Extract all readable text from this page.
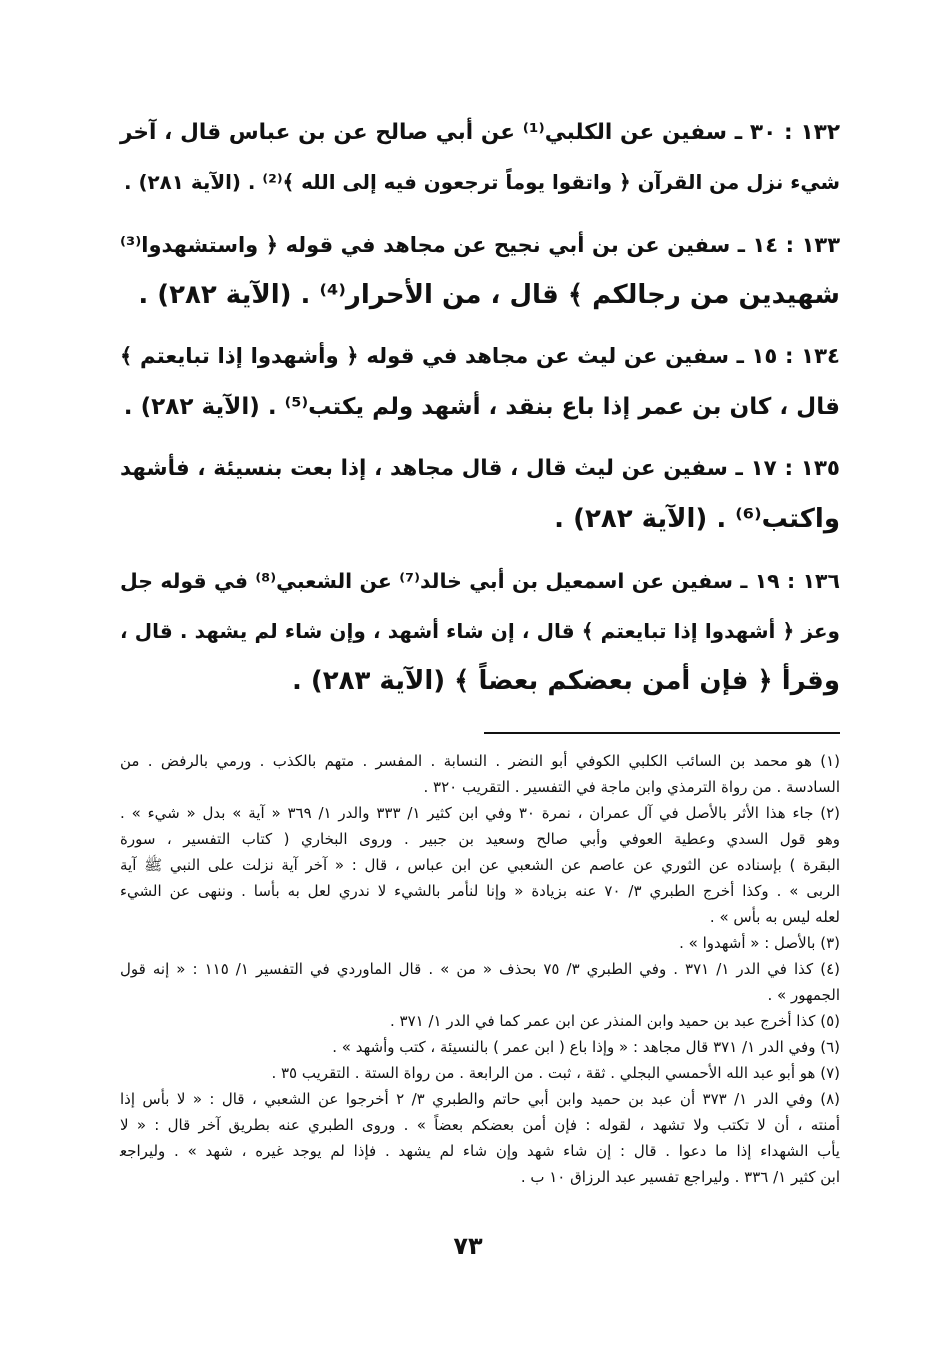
١٣٢ : ٣٠ ـ سفين عن الكلبي⁽¹⁾ عن أبي صالح عن بن عباس قال ، آخر
شيء نزل من القرآن ﴿ واتقوا يوماً ترجعون فيه إلى الله ﴾⁽²⁾ . (الآية ٢٨١) .
١٣٣ : ١٤ ـ سفين عن بن أبي نجيح عن مجاهد في قوله ﴿ واستشهدوا⁽³⁾
شهيدين من رجالكم ﴾ قال ، من الأحرار⁽⁴⁾ . (الآية ٢٨٢) .
١٣٤ : ١٥ ـ سفين عن ليث عن مجاهد في قوله ﴿ وأشهدوا إذا تبايعتم ﴾
قال ، كان بن عمر إذا باع بنقد ، أشهد ولم يكتب⁽⁵⁾ . (الآية ٢٨٢) .
١٣٥ : ١٧ ـ سفين عن ليث قال ، قال مجاهد ، إذا بعت بنسيئة ، فأشهد
واكتب⁽⁶⁾ . (الآية ٢٨٢) .
١٣٦ : ١٩ ـ سفين عن اسمعيل بن أبي خالد⁽⁷⁾ عن الشعبي⁽⁸⁾ في قوله جل
وعز ﴿ أشهدوا إذا تبايعتم ﴾ قال ، إن شاء أشهد ، وإن شاء لم يشهد . قال ،
وقرأ ﴿ فإن أمن بعضكم بعضاً ﴾ (الآية ٢٨٣) .
(١) هو محمد بن السائب الكلبي الكوفي أبو النضر . النسابة . المفسر . متهم بالكذب . ورمي بالرفض . من
السادسة . من رواة الترمذي وابن ماجة في التفسير . التقريب ٣٢٠ .
(٢) جاء هذا الأثر بالأصل في آل عمران ، نمرة ٣٠ وفي ابن كثير ١/ ٣٣٣ والدر ١/ ٣٦٩ « آية » بدل « شيء » .
وهو قول السدي وعطية العوفي وأبي صالح وسعيد بن جبير . وروى البخاري ( كتاب التفسير ، سورة
البقرة ) بإسناده عن الثوري عن عاصم عن الشعبي عن ابن عباس ، قال : « آخر آية نزلت على النبي ﷺ آية
الربى » . وكذا أخرج الطبري ٣/ ٧٠ عنه بزيادة « وإنا لنأمر بالشيء لا ندري لعل به بأسا . وننهى عن الشيء
لعله ليس به بأس » .
(٣) بالأصل : « أشهدوا » .
(٤) كذا في الدر ١/ ٣٧١ . وفي الطبري ٣/ ٧٥ بحذف « من » . قال الماوردي في التفسير ١/ ١١٥ : « إنه قول
الجمهور » .
(٥) كذا أخرج عبد بن حميد وابن المنذر عن ابن عمر كما في الدر ١/ ٣٧١ .
(٦) وفي الدر ١/ ٣٧١ قال مجاهد : « وإذا باع ( ابن عمر ) بالنسيئة ، كتب وأشهد » .
(٧) هو أبو عبد الله الأحمسي البجلي . ثقة ، ثبت . من الرابعة . من رواة الستة . التقريب ٣٥ .
(٨) وفي الدر ١/ ٣٧٣ أن عبد بن حميد وابن أبي حاتم والطبري ٣/ ٢ أخرجوا عن الشعبي ، قال : « لا بأس إذا
أمنته ، أن لا تكتب ولا تشهد ، لقوله : فإن أمن بعضكم بعضاً » . وروى الطبري عنه بطريق آخر قال : « لا
يأب الشهداء إذا ما دعوا . قال : إن شاء شهد وإن شاء لم يشهد . فإذا لم يوجد غيره ، شهد » . وليراجع
ابن كثير ١/ ٣٣٦ . وليراجع تفسير عبد الرزاق ١٠ ب .
٧٣
